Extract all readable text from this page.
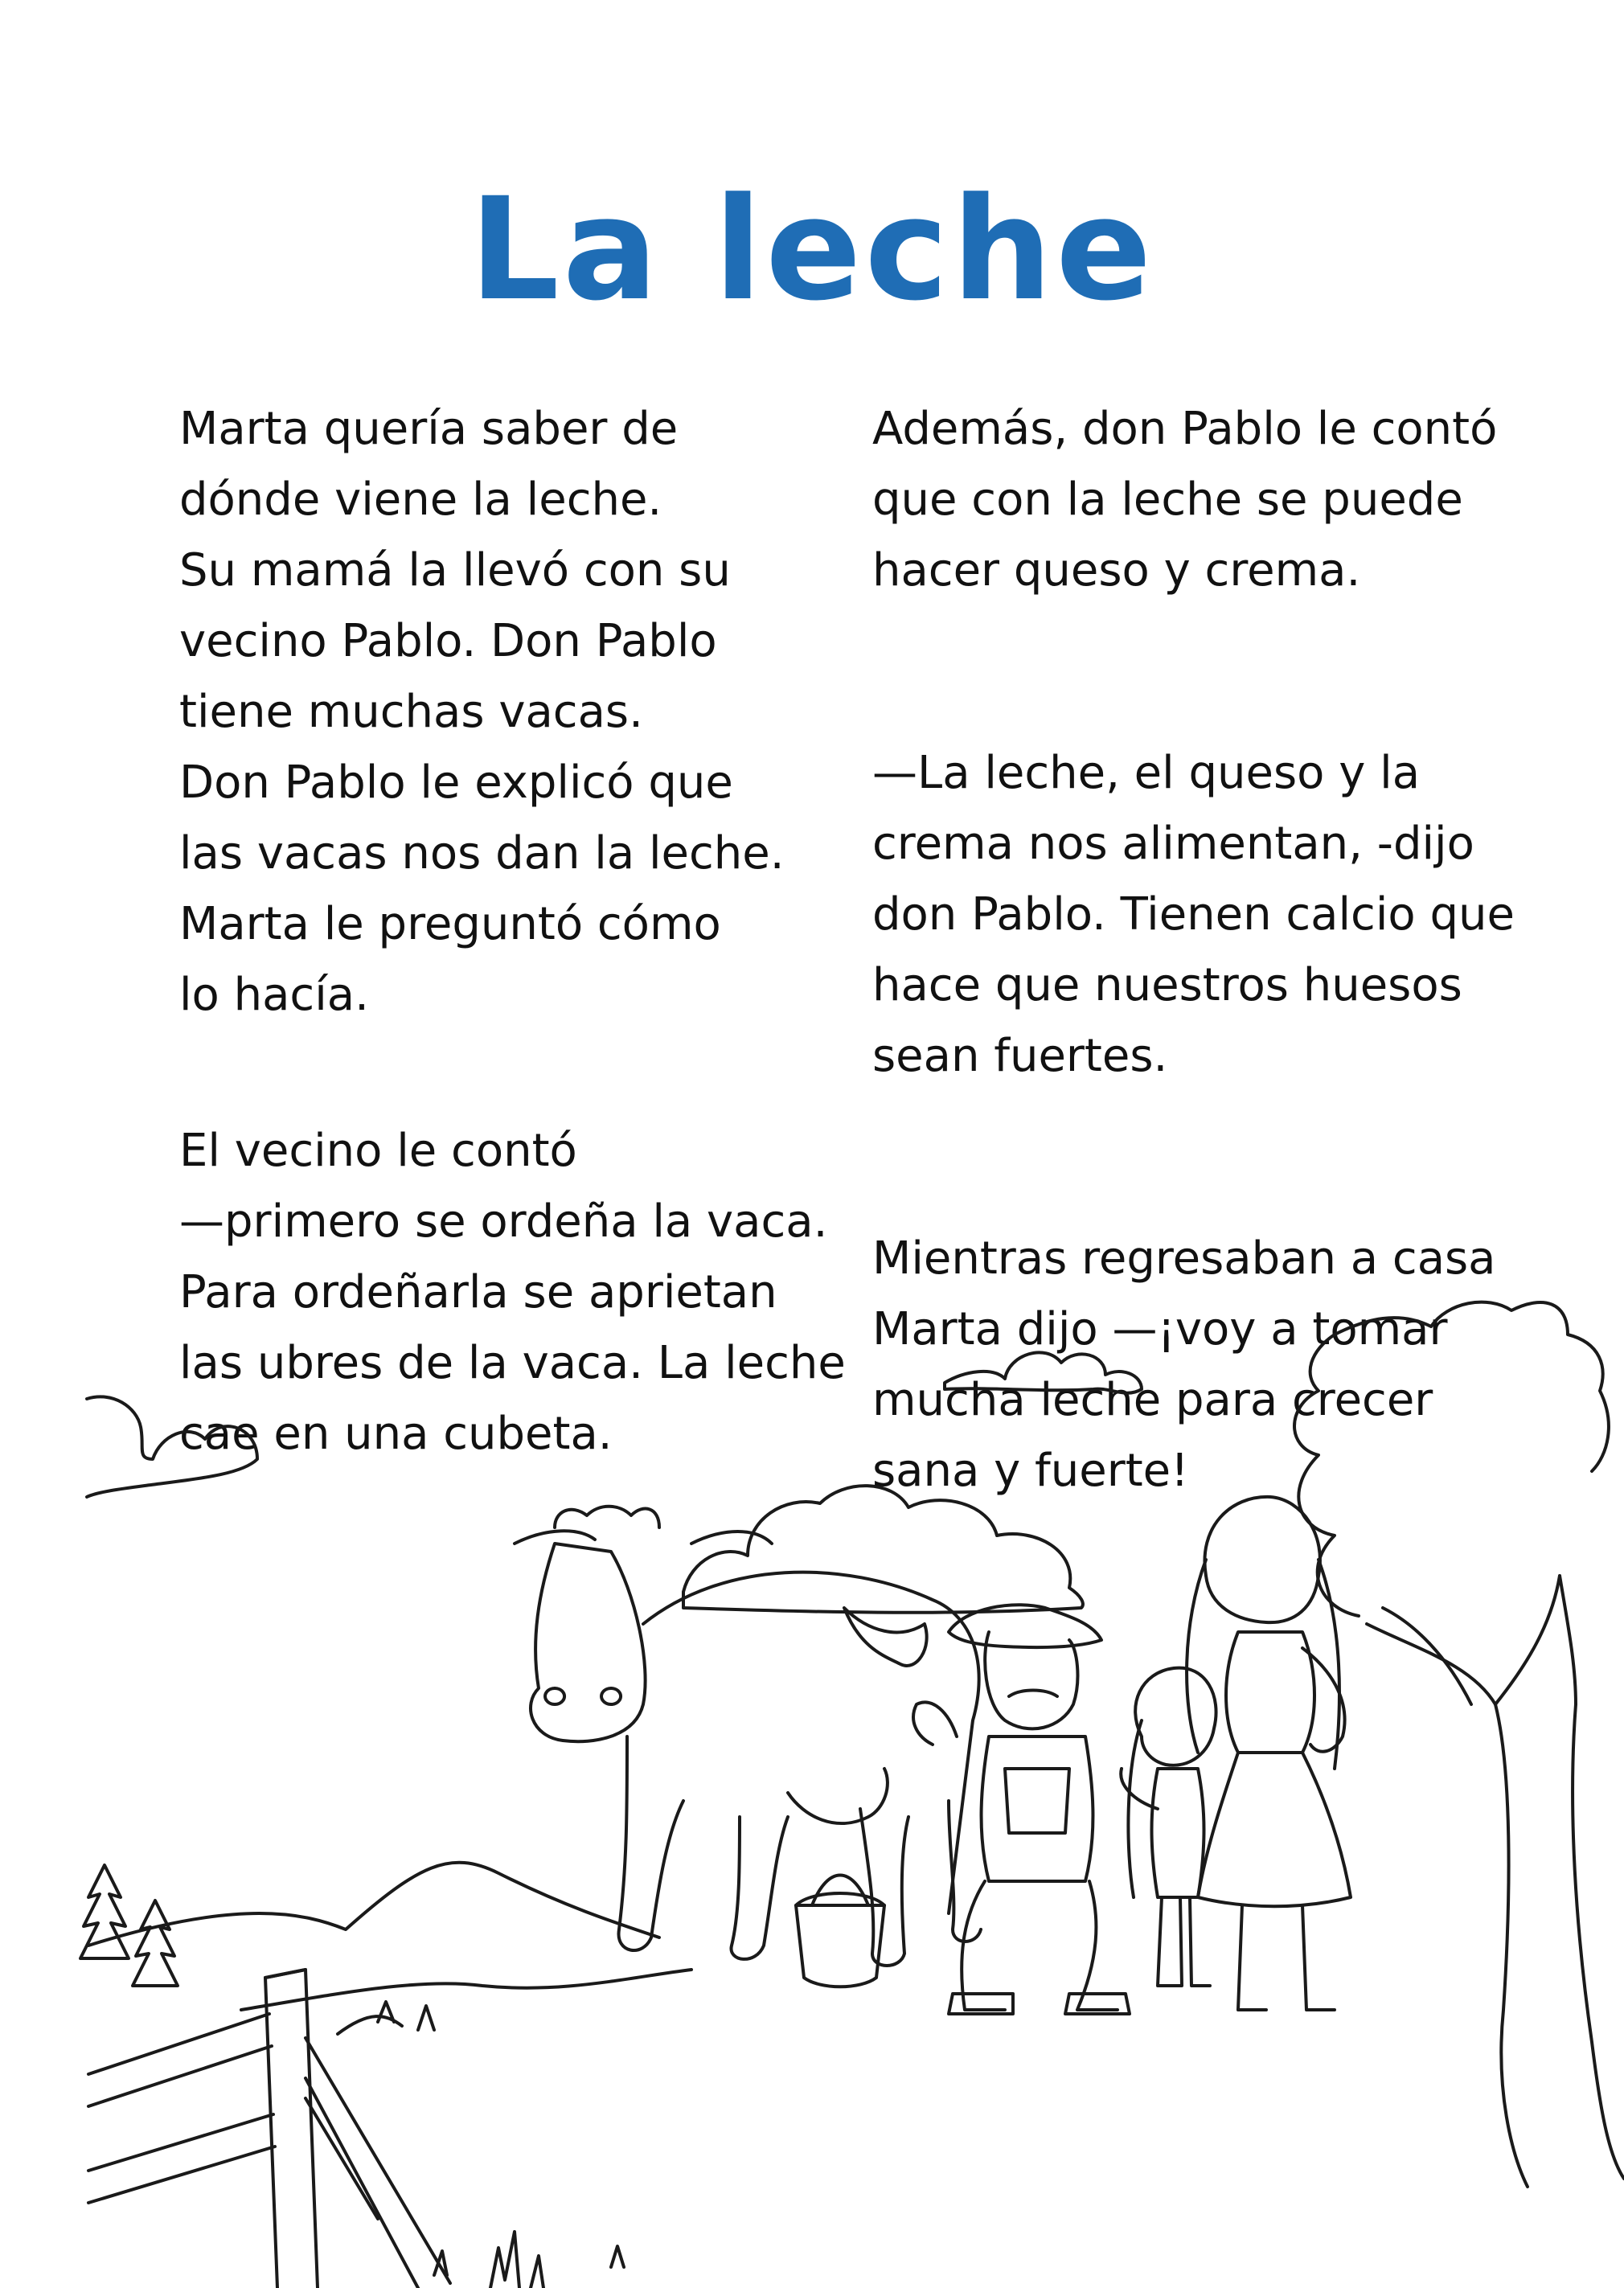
La leche

Marta quería saber de
dónde viene la leche.
Su mamá la llevó con su
vecino Pablo. Don Pablo
tiene muchas vacas.
Don Pablo le explicó que
las vacas nos dan la leche.
Marta le preguntó cómo
lo hacía.

El vecino le contó
—primero se ordeña la vaca.
Para ordeñarla se aprietan
las ubres de la vaca. La leche
cae en una cubeta.

Además, don Pablo le contó
que con la leche se puede
hacer queso y crema.

—La leche, el queso y la
crema nos alimentan, -dijo
don Pablo. Tienen calcio que
hace que nuestros huesos
sean fuertes.

Mientras regresaban a casa
Marta dijo —¡voy a tomar
mucha leche para crecer
sana y fuerte!
